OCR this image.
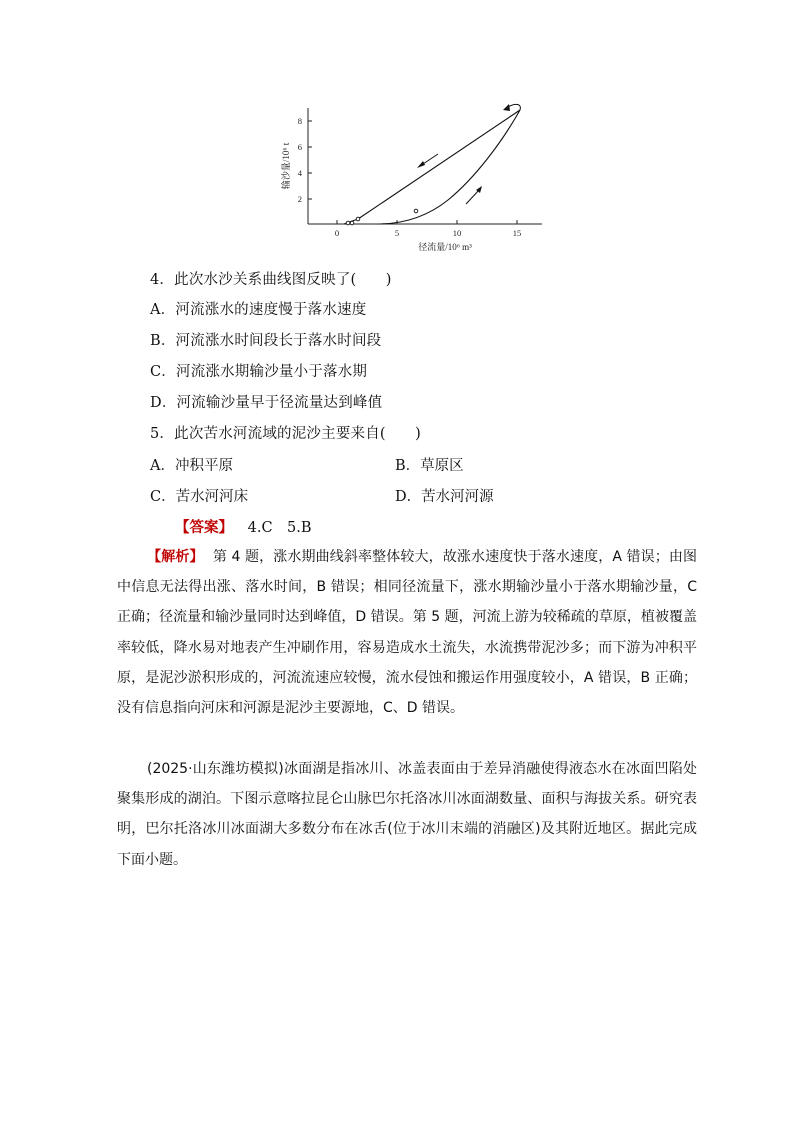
2
4
6
8
0	5	10	15
径流量/10⁶ m³
输沙量/10⁶ t
4．此次水沙关系曲线图反映了(　　)
A．河流涨水的速度慢于落水速度
B．河流涨水时间段长于落水时间段
C．河流涨水期输沙量小于落水期
D．河流输沙量早于径流量达到峰值
5．此次苦水河流域的泥沙主要来自(　　)
A．冲积平原	B．草原区
C．苦水河河床	D．苦水河河源
【答案】 4.C　5.B
【解析】 第 4 题，涨水期曲线斜率整体较大，故涨水速度快于落水速度，A 错误；由图中信息无法得出涨、落水时间，B 错误；相同径流量下，涨水期输沙量小于落水期输沙量，C 正确；径流量和输沙量同时达到峰值，D 错误。第 5 题，河流上游为较稀疏的草原，植被覆盖率较低，降水易对地表产生冲刷作用，容易造成水土流失，水流携带泥沙多；而下游为冲积平原，是泥沙淤积形成的，河流流速应较慢，流水侵蚀和搬运作用强度较小，A 错误，B 正确；没有信息指向河床和河源是泥沙主要源地，C、D 错误。
(2025·山东潍坊模拟)冰面湖是指冰川、冰盖表面由于差异消融使得液态水在冰面凹陷处聚集形成的湖泊。下图示意喀拉昆仑山脉巴尔托洛冰川冰面湖数量、面积与海拔关系。研究表明，巴尔托洛冰川冰面湖大多数分布在冰舌(位于冰川末端的消融区)及其附近地区。据此完成下面小题。
